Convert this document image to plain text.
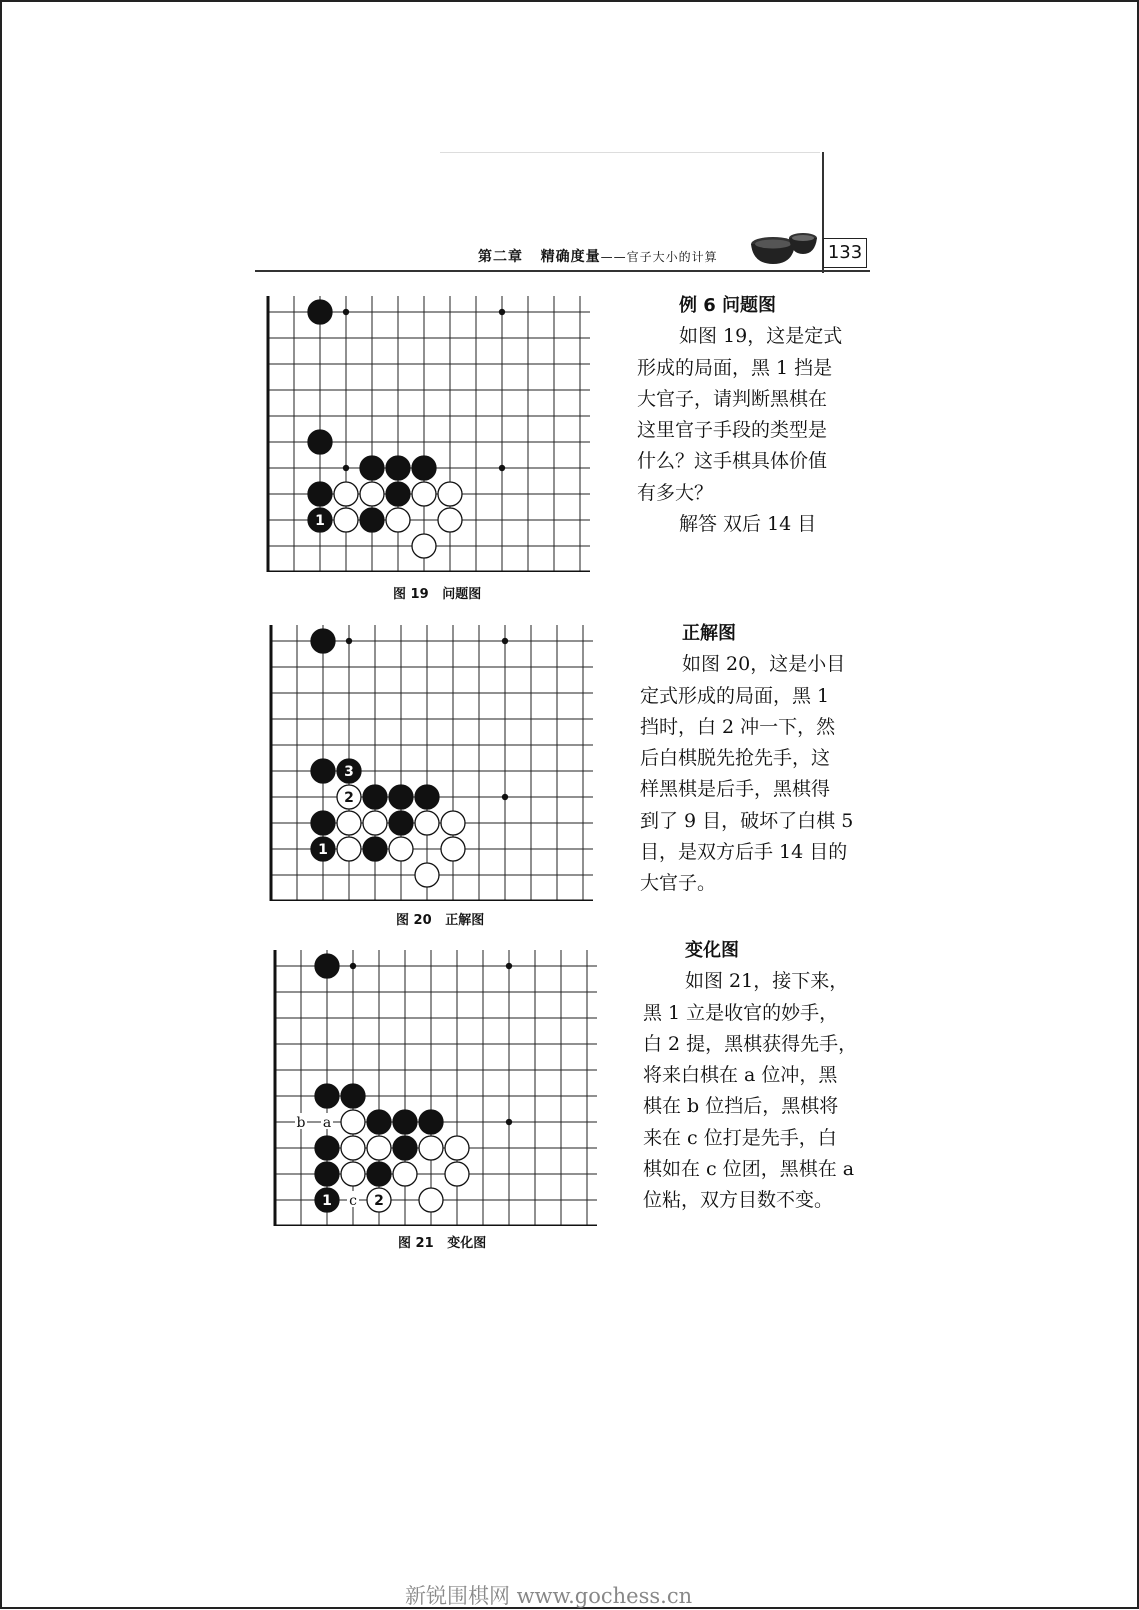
第二章 精确度量——官子大小的计算	133
1
图 19   问题图
例 6 问题图
如图 19，这是定式
形成的局面，黑 1 挡是
大官子，请判断黑棋在
这里官子手段的类型是
什么？这手棋具体价值
有多大？
解答 双后 14 目
3
2
1
图 20   正解图
正解图
如图 20，这是小目
定式形成的局面，黑 1
挡时，白 2 冲一下，然
后白棋脱先抢先手，这
样黑棋是后手，黑棋得
到了 9 目，破坏了白棋 5
目，是双方后手 14 目的
大官子。
1	2
b a
c
图 21   变化图
变化图
如图 21，接下来，
黑 1 立是收官的妙手，
白 2 提，黑棋获得先手，
将来白棋在 a 位冲，黑
棋在 b 位挡后，黑棋将
来在 c 位打是先手，白
棋如在 c 位团，黑棋在 a
位粘，双方目数不变。
新锐围棋网 www.gochess.cn
